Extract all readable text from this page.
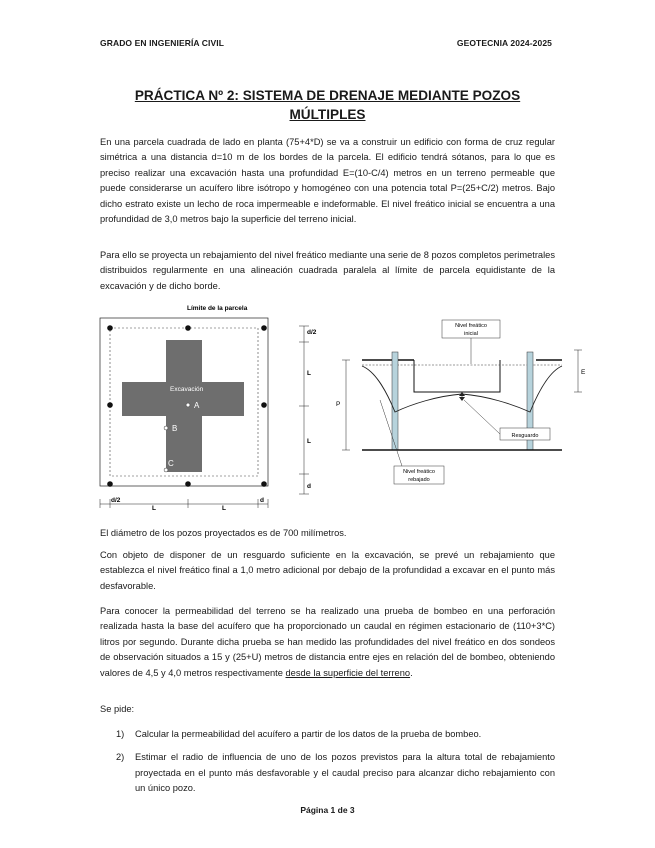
GRADO EN INGENIERÍA CIVIL	GEOTECNIA 2024-2025
PRÁCTICA Nº 2: SISTEMA DE DRENAJE MEDIANTE POZOS MÚLTIPLES

En una parcela cuadrada de lado en planta (75+4*D) se va a construir un edificio con forma de cruz regular simétrica a una distancia d=10 m de los bordes de la parcela. El edificio tendrá sótanos, para lo que es preciso realizar una excavación hasta una profundidad E=(10-C/4) metros en un terreno permeable que puede considerarse un acuífero libre isótropo y homogéneo con una potencia total P=(25+C/2) metros. Bajo dicho estrato existe un lecho de roca impermeable e indeformable. El nivel freático inicial se encuentra a una profundidad de 3,0 metros bajo la superficie del terreno inicial.

Para ello se proyecta un rebajamiento del nivel freático mediante una serie de 8 pozos completos perimetrales distribuidos regularmente en una alineación cuadrada paralela al límite de parcela equidistante de la excavación y de dicho borde.

Límite de la parcela
Excavación
A
B
C
d/2
L	L
d
d/2
L
L
d
P
Nivel freático
inicial
Resguardo
Nivel freático
rebajado
E

El diámetro de los pozos proyectados es de 700 milímetros.

Con objeto de disponer de un resguardo suficiente en la excavación, se prevé un rebajamiento que establezca el nivel freático final a 1,0 metro adicional por debajo de la profundidad a excavar en el punto más desfavorable.

Para conocer la permeabilidad del terreno se ha realizado una prueba de bombeo en una perforación realizada hasta la base del acuífero que ha proporcionado un caudal en régimen estacionario de (110+3*C) litros por segundo. Durante dicha prueba se han medido las profundidades del nivel freático en dos sondeos de observación situados a 15 y (25+U) metros de distancia entre ejes en relación del de bombeo, obteniendo valores de 4,5 y 4,0 metros respectivamente desde la superficie del terreno.

Se pide:

1) Calcular la permeabilidad del acuífero a partir de los datos de la prueba de bombeo.
2) Estimar el radio de influencia de uno de los pozos previstos para la altura total de rebajamiento proyectada en el punto más desfavorable y el caudal preciso para alcanzar dicho rebajamiento con un único pozo.
Página 1 de 3
